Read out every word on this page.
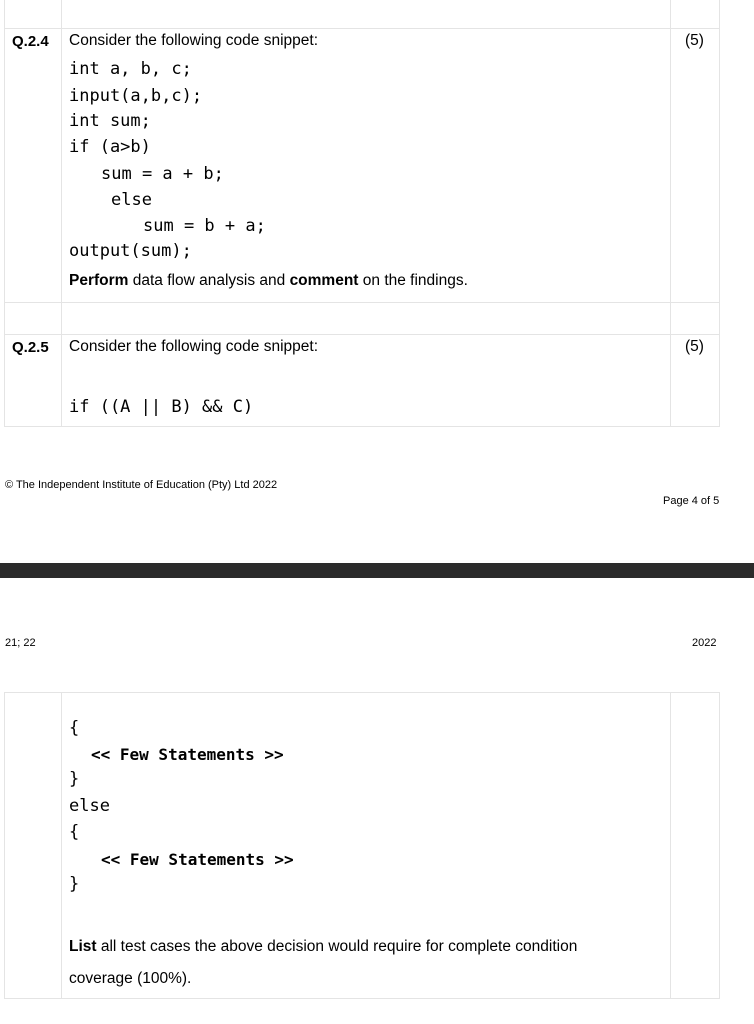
Q.2.4 Consider the following code snippet:	(5)
int a, b, c;
input(a,b,c);
int sum;
if (a>b)
sum = a + b;
else
sum = b + a;
output(sum);
Perform data flow analysis and comment on the findings.
Q.2.5 Consider the following code snippet:	(5)
if ((A || B) && C)
© The Independent Institute of Education (Pty) Ltd 2022
Page 4 of 5
21; 22	2022
{
<< Few Statements >>
}
else
{
<< Few Statements >>
}
List all test cases the above decision would require for complete condition
coverage (100%).
